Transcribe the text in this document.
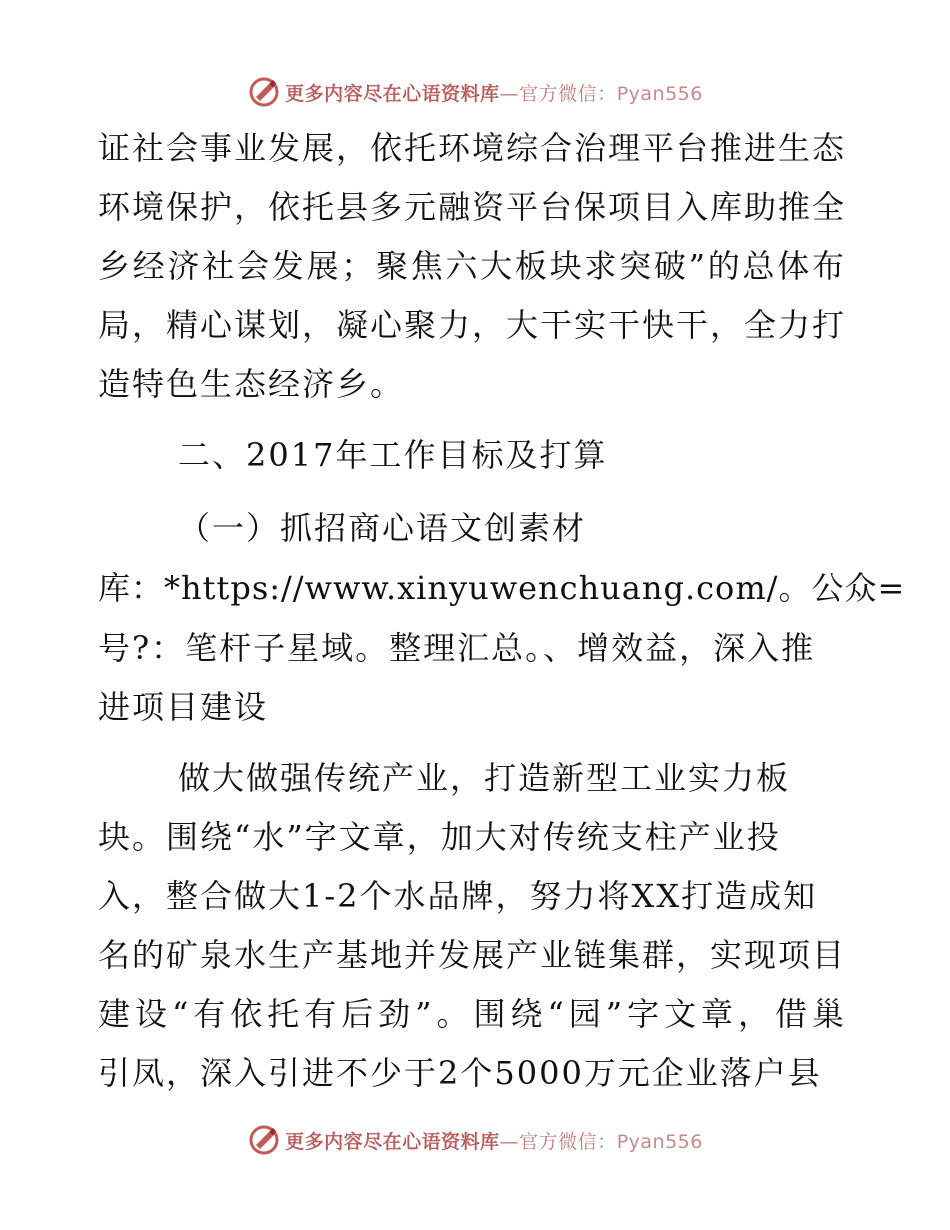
更多内容尽在心语资料库—官方微信：Pyan556
证社会事业发展，依托环境综合治理平台推进生态
环境保护，依托县多元融资平台保项目入库助推全
乡经济社会发展；聚焦六大板块求突破”的总体布
局，精心谋划，凝心聚力，大干实干快干，全力打
造特色生态经济乡。
二、2017年工作目标及打算
（一）抓招商心语文创素材
库：*https://www.xinyuwenchuang.com/。公众=
号?：笔杆子星域。整理汇总。、增效益，深入推
进项目建设
做大做强传统产业，打造新型工业实力板
块。围绕“水”字文章，加大对传统支柱产业投
入，整合做大1-2个水品牌，努力将XX打造成知
名的矿泉水生产基地并发展产业链集群，实现项目
建设“有依托有后劲”。围绕“园”字文章，借巢
引凤，深入引进不少于2个5000万元企业落户县
更多内容尽在心语资料库—官方微信：Pyan556
